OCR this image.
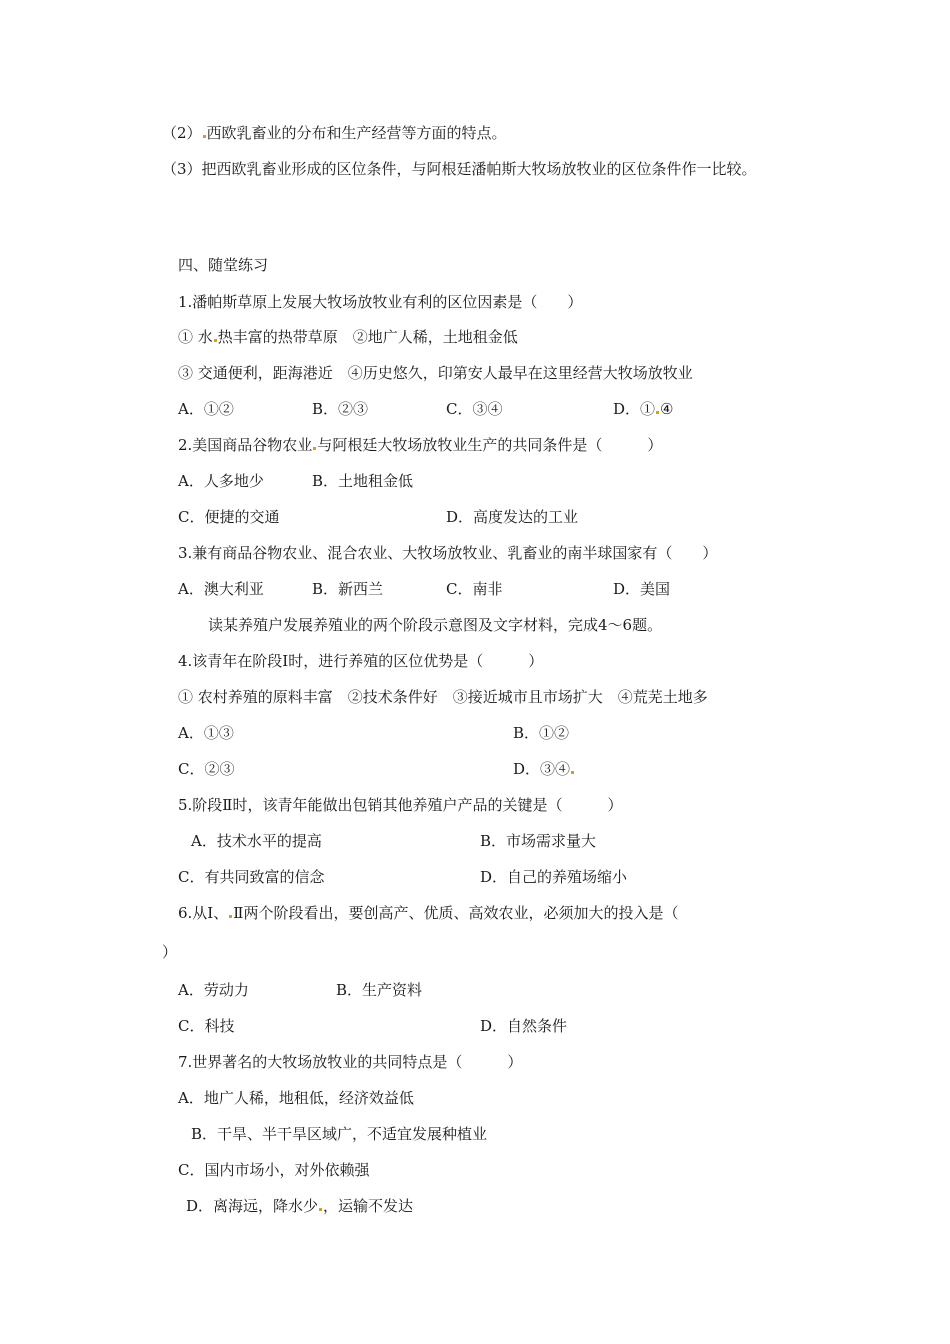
（2） 西欧乳畜业的分布和生产经营等方面的特点。
（3）把西欧乳畜业形成的区位条件，与阿根廷潘帕斯大牧场放牧业的区位条件作一比较。
四、随堂练习
1.潘帕斯草原上发展大牧场放牧业有利的区位因素是（　　）
① 水 热丰富的热带草原　②地广人稀，土地租金低
③ 交通便利，距海港近　④历史悠久，印第安人最早在这里经营大牧场放牧业
A．①②	B．②③	C．③④	D．① ④
2.美国商品谷物农业 与阿根廷大牧场放牧业生产的共同条件是（　　　）
A．人多地少	B．土地租金低
C．便捷的交通	D．高度发达的工业
3.兼有商品谷物农业、混合农业、大牧场放牧业、乳畜业的南半球国家有（　　）
A．澳大利亚	B．新西兰	C．南非	D．美国
读某养殖户发展养殖业的两个阶段示意图及文字材料，完成4～6题。
4.该青年在阶段Ⅰ时，进行养殖的区位优势是（　　　）
① 农村养殖的原料丰富　②技术条件好　③接近城市且市场扩大　④荒芜土地多
A．①③	B．①②
C．②③	D．③④
5.阶段Ⅱ时，该青年能做出包销其他养殖户产品的关键是（　　　）
A．技术水平的提高	B．市场需求量大
C．有共同致富的信念	D．自己的养殖场缩小
6.从Ⅰ、 Ⅱ两个阶段看出，要创高产、优质、高效农业，必须加大的投入是（
）
A．劳动力	B．生产资料
C．科技	D．自然条件
7.世界著名的大牧场放牧业的共同特点是（　　　）
A．地广人稀，地租低，经济效益低
B．干旱、半干旱区域广，不适宜发展种植业
C．国内市场小，对外依赖强
D．离海远，降水少 ，运输不发达
